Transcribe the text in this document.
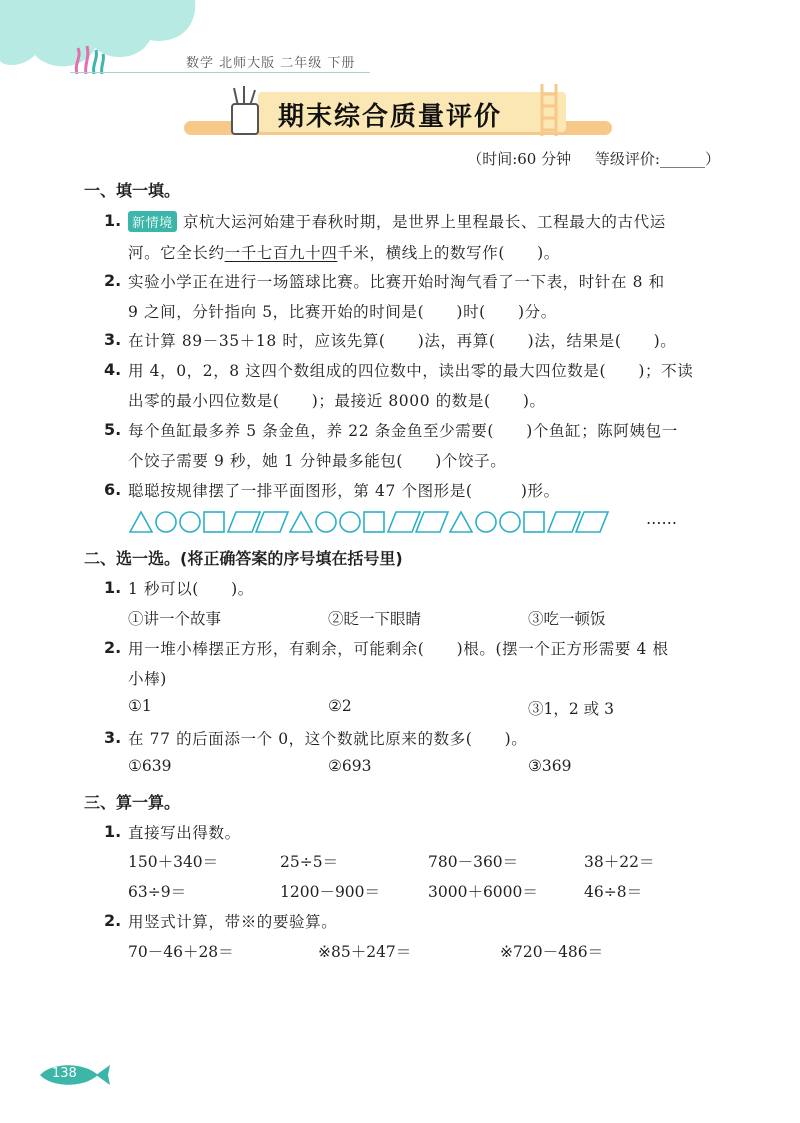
数学 北师大版 二年级 下册
期末综合质量评价
（时间:60 分钟     等级评价:______）
一、填一填。
1. 新情境 京杭大运河始建于春秋时期，是世界上里程最长、工程最大的古代运
河。它全长约一千七百九十四千米，横线上的数写作(　　)。
2. 实验小学正在进行一场篮球比赛。比赛开始时淘气看了一下表，时针在 8 和
9 之间，分针指向 5，比赛开始的时间是(　　)时(　　)分。
3. 在计算 89－35＋18 时，应该先算(　　)法，再算(　　)法，结果是(　　)。
4. 用 4，0，2，8 这四个数组成的四位数中，读出零的最大四位数是(　　)；不读
出零的最小四位数是(　　)；最接近 8000 的数是(　　)。
5. 每个鱼缸最多养 5 条金鱼，养 22 条金鱼至少需要(　　)个鱼缸；陈阿姨包一
个饺子需要 9 秒，她 1 分钟最多能包(　　)个饺子。
6. 聪聪按规律摆了一排平面图形，第 47 个图形是(　　　)形。
……
二、选一选。(将正确答案的序号填在括号里)
1. 1 秒可以(　　)。
①讲一个故事	②眨一下眼睛	③吃一顿饭
2. 用一堆小棒摆正方形，有剩余，可能剩余(　　)根。(摆一个正方形需要 4 根
小棒)
①1	②2	③1，2 或 3
3. 在 77 的后面添一个 0，这个数就比原来的数多(　　)。
①639	②693	③369
三、算一算。
1. 直接写出得数。
150＋340＝	25÷5＝	780－360＝	38＋22＝
63÷9＝	1200－900＝	3000＋6000＝	46÷8＝
2. 用竖式计算，带※的要验算。
70－46＋28＝	※85＋247＝	※720－486＝
138
